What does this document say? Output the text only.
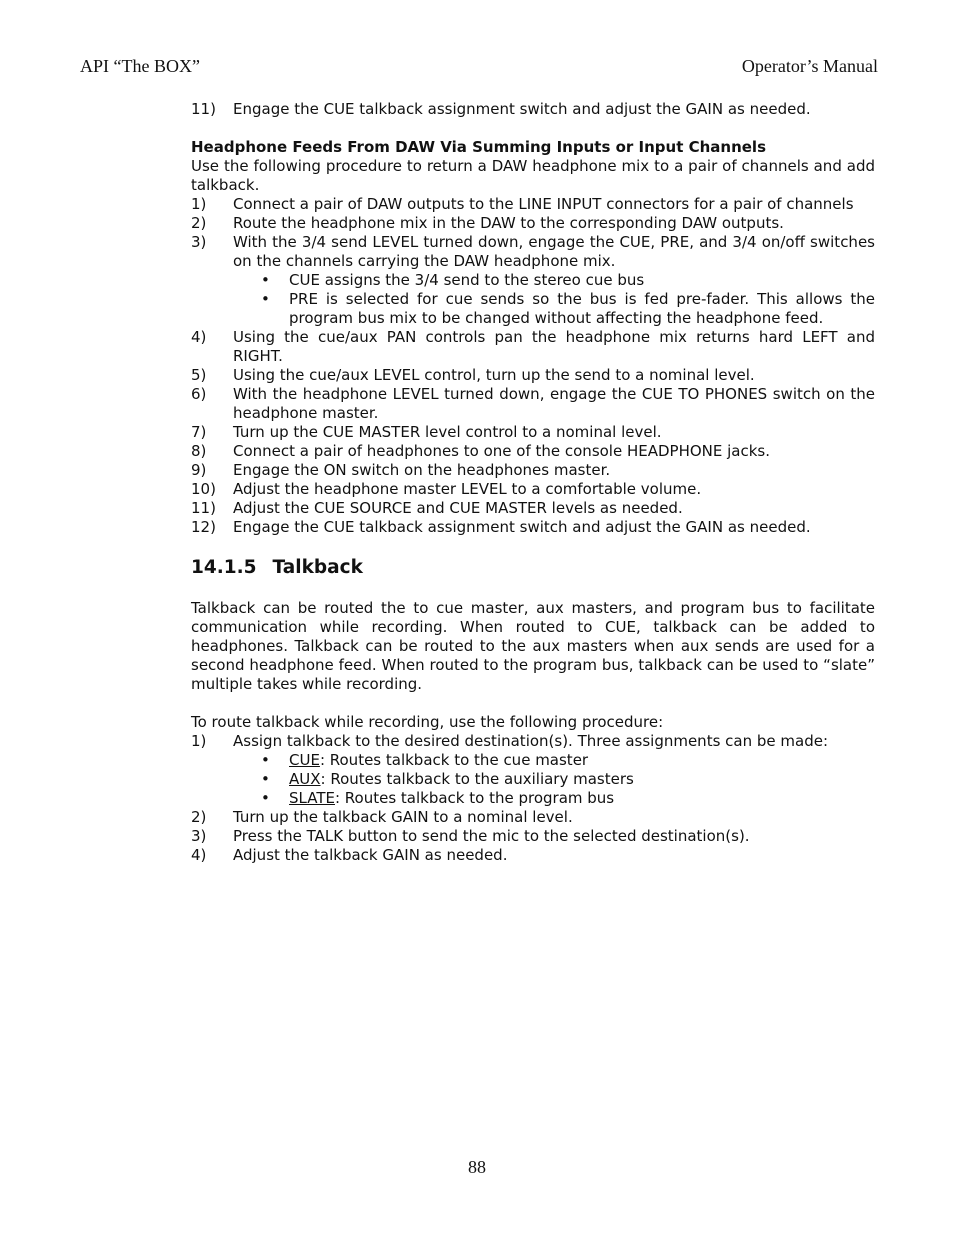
API “The BOX”	Operator’s Manual
11)	Engage the CUE talkback assignment switch and adjust the GAIN as needed.
Headphone Feeds From DAW Via Summing Inputs or Input Channels
Use the following procedure to return a DAW headphone mix to a pair of channels and add talkback.
1)	Connect a pair of DAW outputs to the LINE INPUT connectors for a pair of channels
2)	Route the headphone mix in the DAW to the corresponding DAW outputs.
3)	With the 3/4 send LEVEL turned down, engage the CUE, PRE, and 3/4 on/off switches on the channels carrying the DAW headphone mix.
•	CUE assigns the 3/4 send to the stereo cue bus
•	PRE is selected for cue sends so the bus is fed pre-fader. This allows the program bus mix to be changed without affecting the headphone feed.
4)	Using the cue/aux PAN controls pan the headphone mix returns hard LEFT and RIGHT.
5)	Using the cue/aux LEVEL control, turn up the send to a nominal level.
6)	With the headphone LEVEL turned down, engage the CUE TO PHONES switch on the headphone master.
7)	Turn up the CUE MASTER level control to a nominal level.
8)	Connect a pair of headphones to one of the console HEADPHONE jacks.
9)	Engage the ON switch on the headphones master.
10)	Adjust the headphone master LEVEL to a comfortable volume.
11)	Adjust the CUE SOURCE and CUE MASTER levels as needed.
12)	Engage the CUE talkback assignment switch and adjust the GAIN as needed.
14.1.5 Talkback
Talkback can be routed the to cue master, aux masters, and program bus to facilitate communication while recording. When routed to CUE, talkback can be added to headphones. Talkback can be routed to the aux masters when aux sends are used for a second headphone feed. When routed to the program bus, talkback can be used to “slate” multiple takes while recording.
To route talkback while recording, use the following procedure:
1)	Assign talkback to the desired destination(s). Three assignments can be made:
•	CUE: Routes talkback to the cue master
•	AUX: Routes talkback to the auxiliary masters
•	SLATE: Routes talkback to the program bus
2)	Turn up the talkback GAIN to a nominal level.
3)	Press the TALK button to send the mic to the selected destination(s).
4)	Adjust the talkback GAIN as needed.
88
